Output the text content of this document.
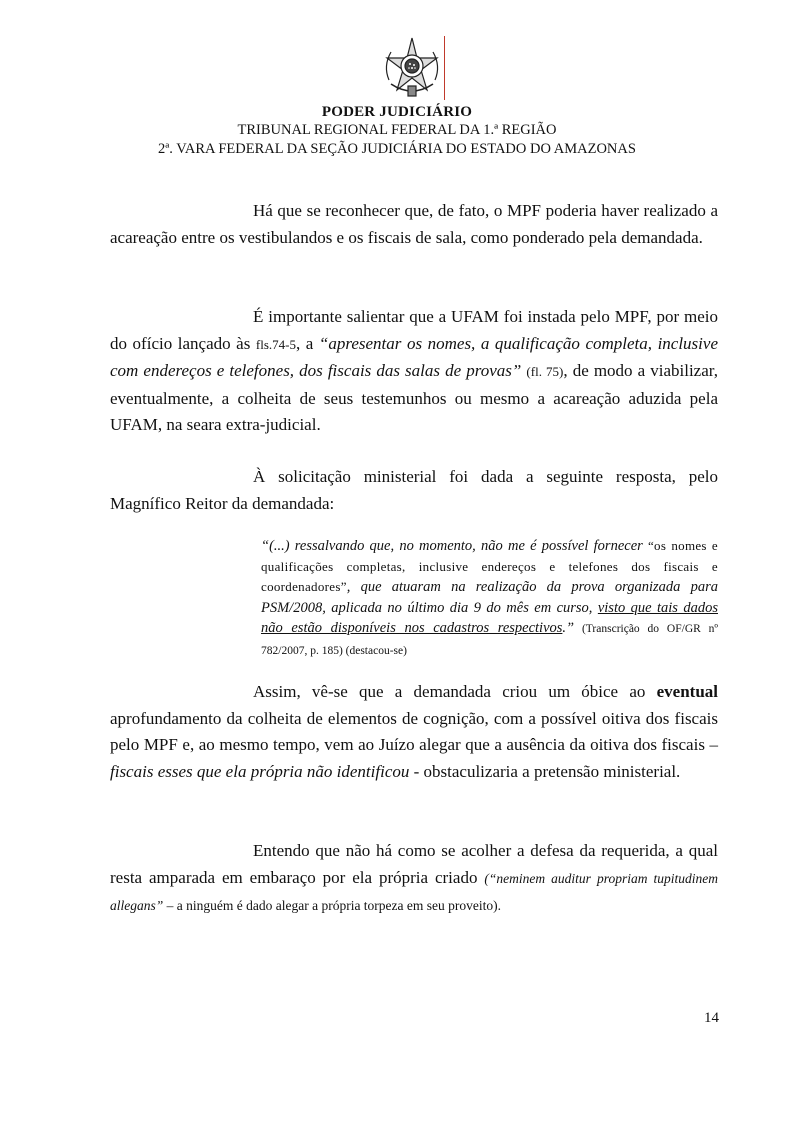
PODER JUDICIÁRIO
TRIBUNAL REGIONAL FEDERAL DA 1.ª REGIÃO
2ª. VARA FEDERAL DA SEÇÃO JUDICIÁRIA DO ESTADO DO AMAZONAS

Há que se reconhecer que, de fato, o MPF poderia haver realizado a acareação entre os vestibulandos e os fiscais de sala, como ponderado pela demandada.

É importante salientar que a UFAM foi instada pelo MPF, por meio do ofício lançado às fls.74-5, a “apresentar os nomes, a qualificação completa, inclusive com endereços e telefones, dos fiscais das salas de provas” (fl. 75), de modo a viabilizar, eventualmente, a colheita de seus testemunhos ou mesmo a acareação aduzida pela UFAM, na seara extra-judicial.

À solicitação ministerial foi dada a seguinte resposta, pelo Magnífico Reitor da demandada:

“(...) ressalvando que, no momento, não me é possível fornecer “os nomes e qualificações completas, inclusive endereços e telefones dos fiscais e coordenadores”, que atuaram na realização da prova organizada para PSM/2008, aplicada no último dia 9 do mês em curso, visto que tais dados não estão disponíveis nos cadastros respectivos.” (Transcrição do OF/GR nº 782/2007, p. 185) (destacou-se)

Assim, vê-se que a demandada criou um óbice ao eventual aprofundamento da colheita de elementos de cognição, com a possível oitiva dos fiscais pelo MPF e, ao mesmo tempo, vem ao Juízo alegar que a ausência da oitiva dos fiscais – fiscais esses que ela própria não identificou - obstaculizaria a pretensão ministerial.

Entendo que não há como se acolher a defesa da requerida, a qual resta amparada em embaraço por ela própria criado (“neminem auditur propriam tupitudinem allegans” – a ninguém é dado alegar a própria torpeza em seu proveito).

14
